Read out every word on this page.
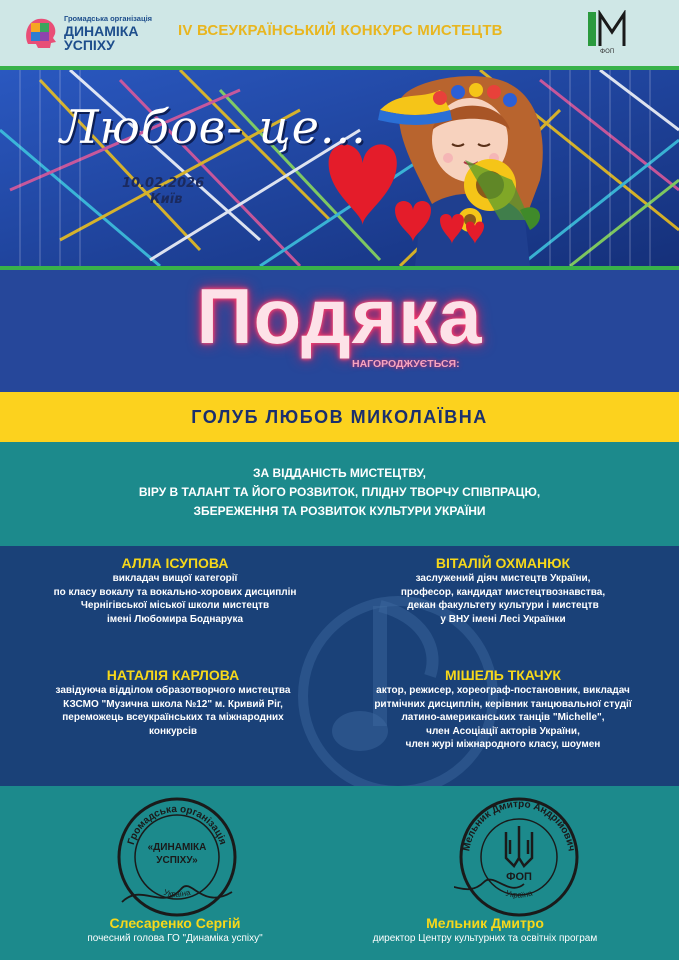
Громадська організація
ДИНАМІКА
УСПІХУ
IV ВСЕУКРАЇНСЬКИЙ КОНКУРС МИСТЕЦТВ
ФОП
Любов- це...
10.02.2026
Київ
Подяка
НАГОРОДЖУЄТЬСЯ:
ГОЛУБ ЛЮБОВ МИКОЛАЇВНА
ЗА ВІДДАНІСТЬ МИСТЕЦТВУ,
ВІРУ В ТАЛАНТ ТА ЙОГО РОЗВИТОК, ПЛІДНУ ТВОРЧУ СПІВПРАЦЮ,
ЗБЕРЕЖЕННЯ ТА РОЗВИТОК КУЛЬТУРИ УКРАЇНИ
АЛЛА ІСУПОВА
викладач вищої категорії
по класу вокалу та вокально-хорових дисциплін
Чернігівської міської школи мистецтв
імені Любомира Боднарука
ВІТАЛІЙ ОХМАНЮК
заслужений діяч мистецтв України,
професор, кандидат мистецтвознавства,
декан факультету культури і мистецтв
у ВНУ імені Лесі Українки
НАТАЛІЯ КАРЛОВА
завідуюча відділом образотворчого мистецтва
КЗСМО "Музична школа №12" м. Кривий Ріг,
переможець всеукраїнських та міжнародних
конкурсів
МІШЕЛЬ ТКАЧУК
актор, режисер, хореограф-постановник, викладач
ритмічних дисциплін, керівник танцювальної студії
латино-американських танців "Michelle",
член Асоціації акторів України,
член журі міжнародного класу, шоумен
Громадська організація
«ДИНАМІКА
УСПІХУ»
Україна
Мельник Дмитро Андрійович
ФОП
Україна
Слесаренко Сергій
почесний голова ГО "Динаміка успіху"
Мельник Дмитро
директор Центру культурних та освітніх програм
